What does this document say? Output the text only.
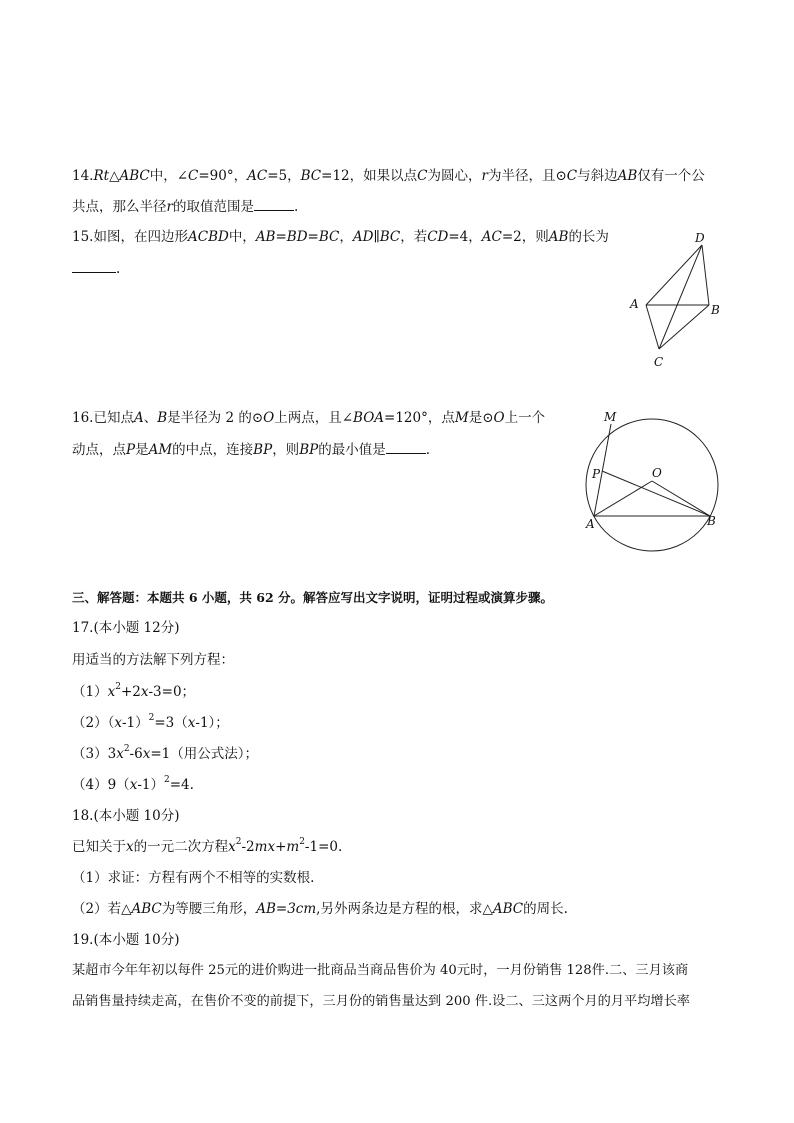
14.Rt△ABC中，∠C=90°，AC=5，BC=12，如果以点C为圆心，r为半径，且⊙C与斜边AB仅有一个公
共点，那么半径r的取值范围是	.
15.如图，在四边形ACBD中，AB=BD=BC，AD∥BC，若CD=4，AC=2，则AB的长为
.
D
A	B
C
16.已知点A、B是半径为 2 的⊙O上两点，且∠BOA=120°，点M是⊙O上一个
动点，点P是AM的中点，连接BP，则BP的最小值是	.
M
P	O
A	B
三、解答题：本题共 6 小题，共 62 分。解答应写出文字说明，证明过程或演算步骤。
17.(本小题 12分)
用适当的方法解下列方程：
$(1)x^2+2x-3=0$；
$(2)(x-1)^2=3(x-1)$；
$(3)3x^2-6x=1$（用公式法）；
$(4)9(x-1)^2=4$.
18.(本小题 10分)
已知关于x的一元二次方程$x^2-2mx+m^2-1=0$.
（1）求证：方程有两个不相等的实数根.
（2）若△ABC为等腰三角形，AB=3cm,另外两条边是方程的根，求△ABC的周长.
19.(本小题 10分)
某超市今年年初以每件 25元的进价购进一批商品当商品售价为 40元时，一月份销售 128件.二、三月该商
品销售量持续走高，在售价不变的前提下，三月份的销售量达到 200 件.设二、三这两个月的月平均增长率
